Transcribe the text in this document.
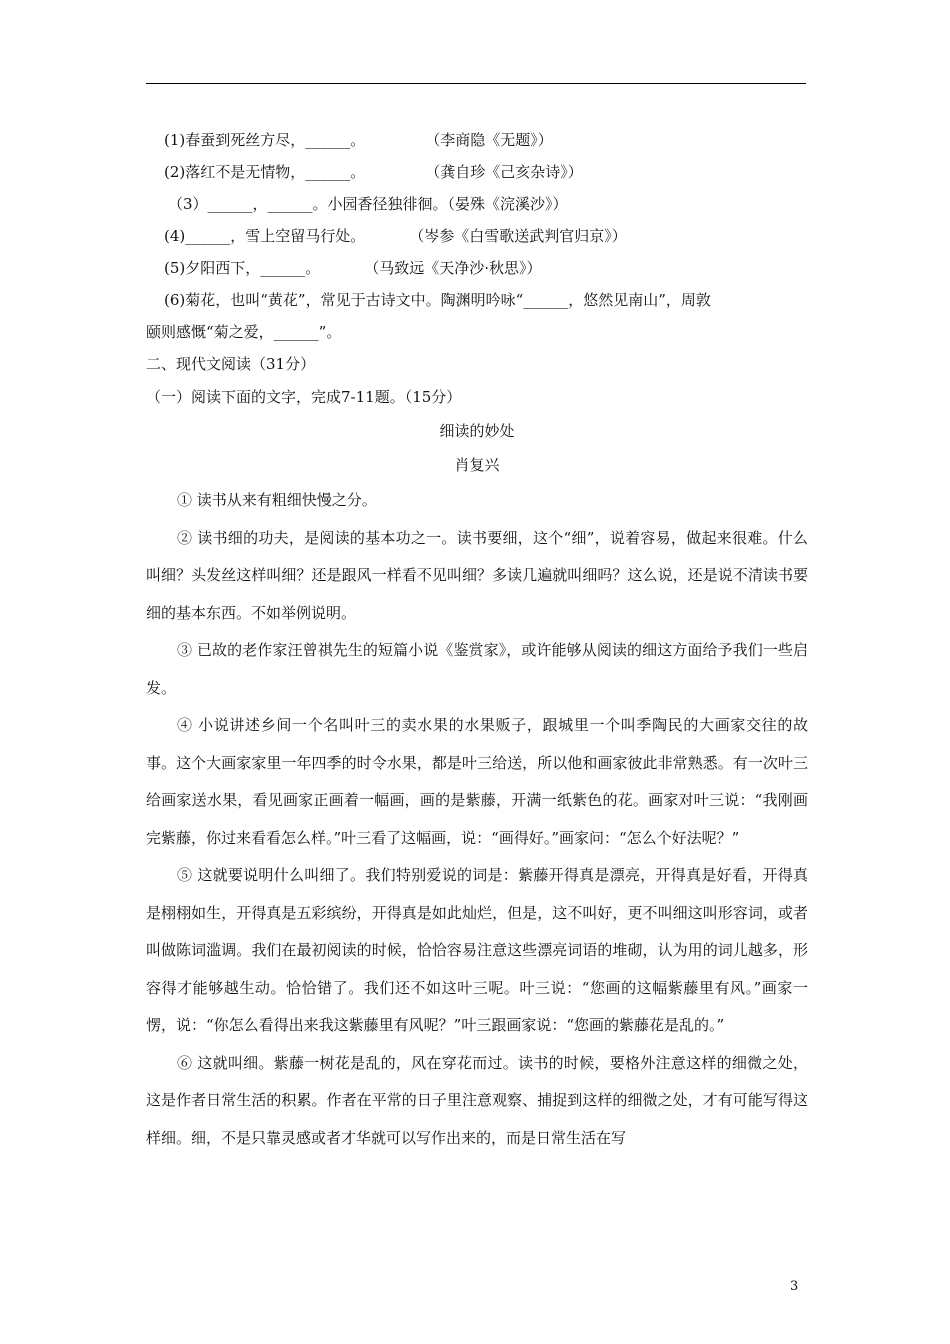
(1)春蚕到死丝方尽，______。	（李商隐《无题》）
(2)落红不是无情物，______。	（龚自珍《己亥杂诗》）
（3）______，______。小园香径独徘徊。（晏殊《浣溪沙》）
(4)______，雪上空留马行处。	（岑参《白雪歌送武判官归京》）
(5)夕阳西下，______。	（马致远《天净沙·秋思》）
(6)菊花，也叫“黄花”，常见于古诗文中。陶渊明吟咏“______，悠然见南山”，周敦
颐则感慨“菊之爱，______”。
二、现代文阅读（31分）
（一）阅读下面的文字，完成7-11题。（15分）
细读的妙处
肖复兴

① 读书从来有粗细快慢之分。

② 读书细的功夫，是阅读的基本功之一。读书要细，这个“细”，说着容易，做起来很难。什么叫细？头发丝这样叫细？还是跟风一样看不见叫细？多读几遍就叫细吗？这么说，还是说不清读书要细的基本东西。不如举例说明。

③ 已故的老作家汪曾祺先生的短篇小说《鉴赏家》，或许能够从阅读的细这方面给予我们一些启发。

④ 小说讲述乡间一个名叫叶三的卖水果的水果贩子，跟城里一个叫季陶民的大画家交往的故事。这个大画家家里一年四季的时令水果，都是叶三给送，所以他和画家彼此非常熟悉。有一次叶三给画家送水果，看见画家正画着一幅画，画的是紫藤，开满一纸紫色的花。画家对叶三说：“我刚画完紫藤，你过来看看怎么样。”叶三看了这幅画，说：“画得好。”画家问：“怎么个好法呢？”

⑤ 这就要说明什么叫细了。我们特别爱说的词是：紫藤开得真是漂亮，开得真是好看，开得真是栩栩如生，开得真是五彩缤纷，开得真是如此灿烂，但是，这不叫好，更不叫细这叫形容词，或者叫做陈词滥调。我们在最初阅读的时候，恰恰容易注意这些漂亮词语的堆砌，认为用的词儿越多，形容得才能够越生动。恰恰错了。我们还不如这叶三呢。叶三说：“您画的这幅紫藤里有风。”画家一愣，说：“你怎么看得出来我这紫藤里有风呢？”叶三跟画家说：“您画的紫藤花是乱的。”

⑥ 这就叫细。紫藤一树花是乱的，风在穿花而过。读书的时候，要格外注意这样的细微之处，这是作者日常生活的积累。作者在平常的日子里注意观察、捕捉到这样的细微之处，才有可能写得这样细。细，不是只靠灵感或者才华就可以写作出来的，而是日常生活在写

3
